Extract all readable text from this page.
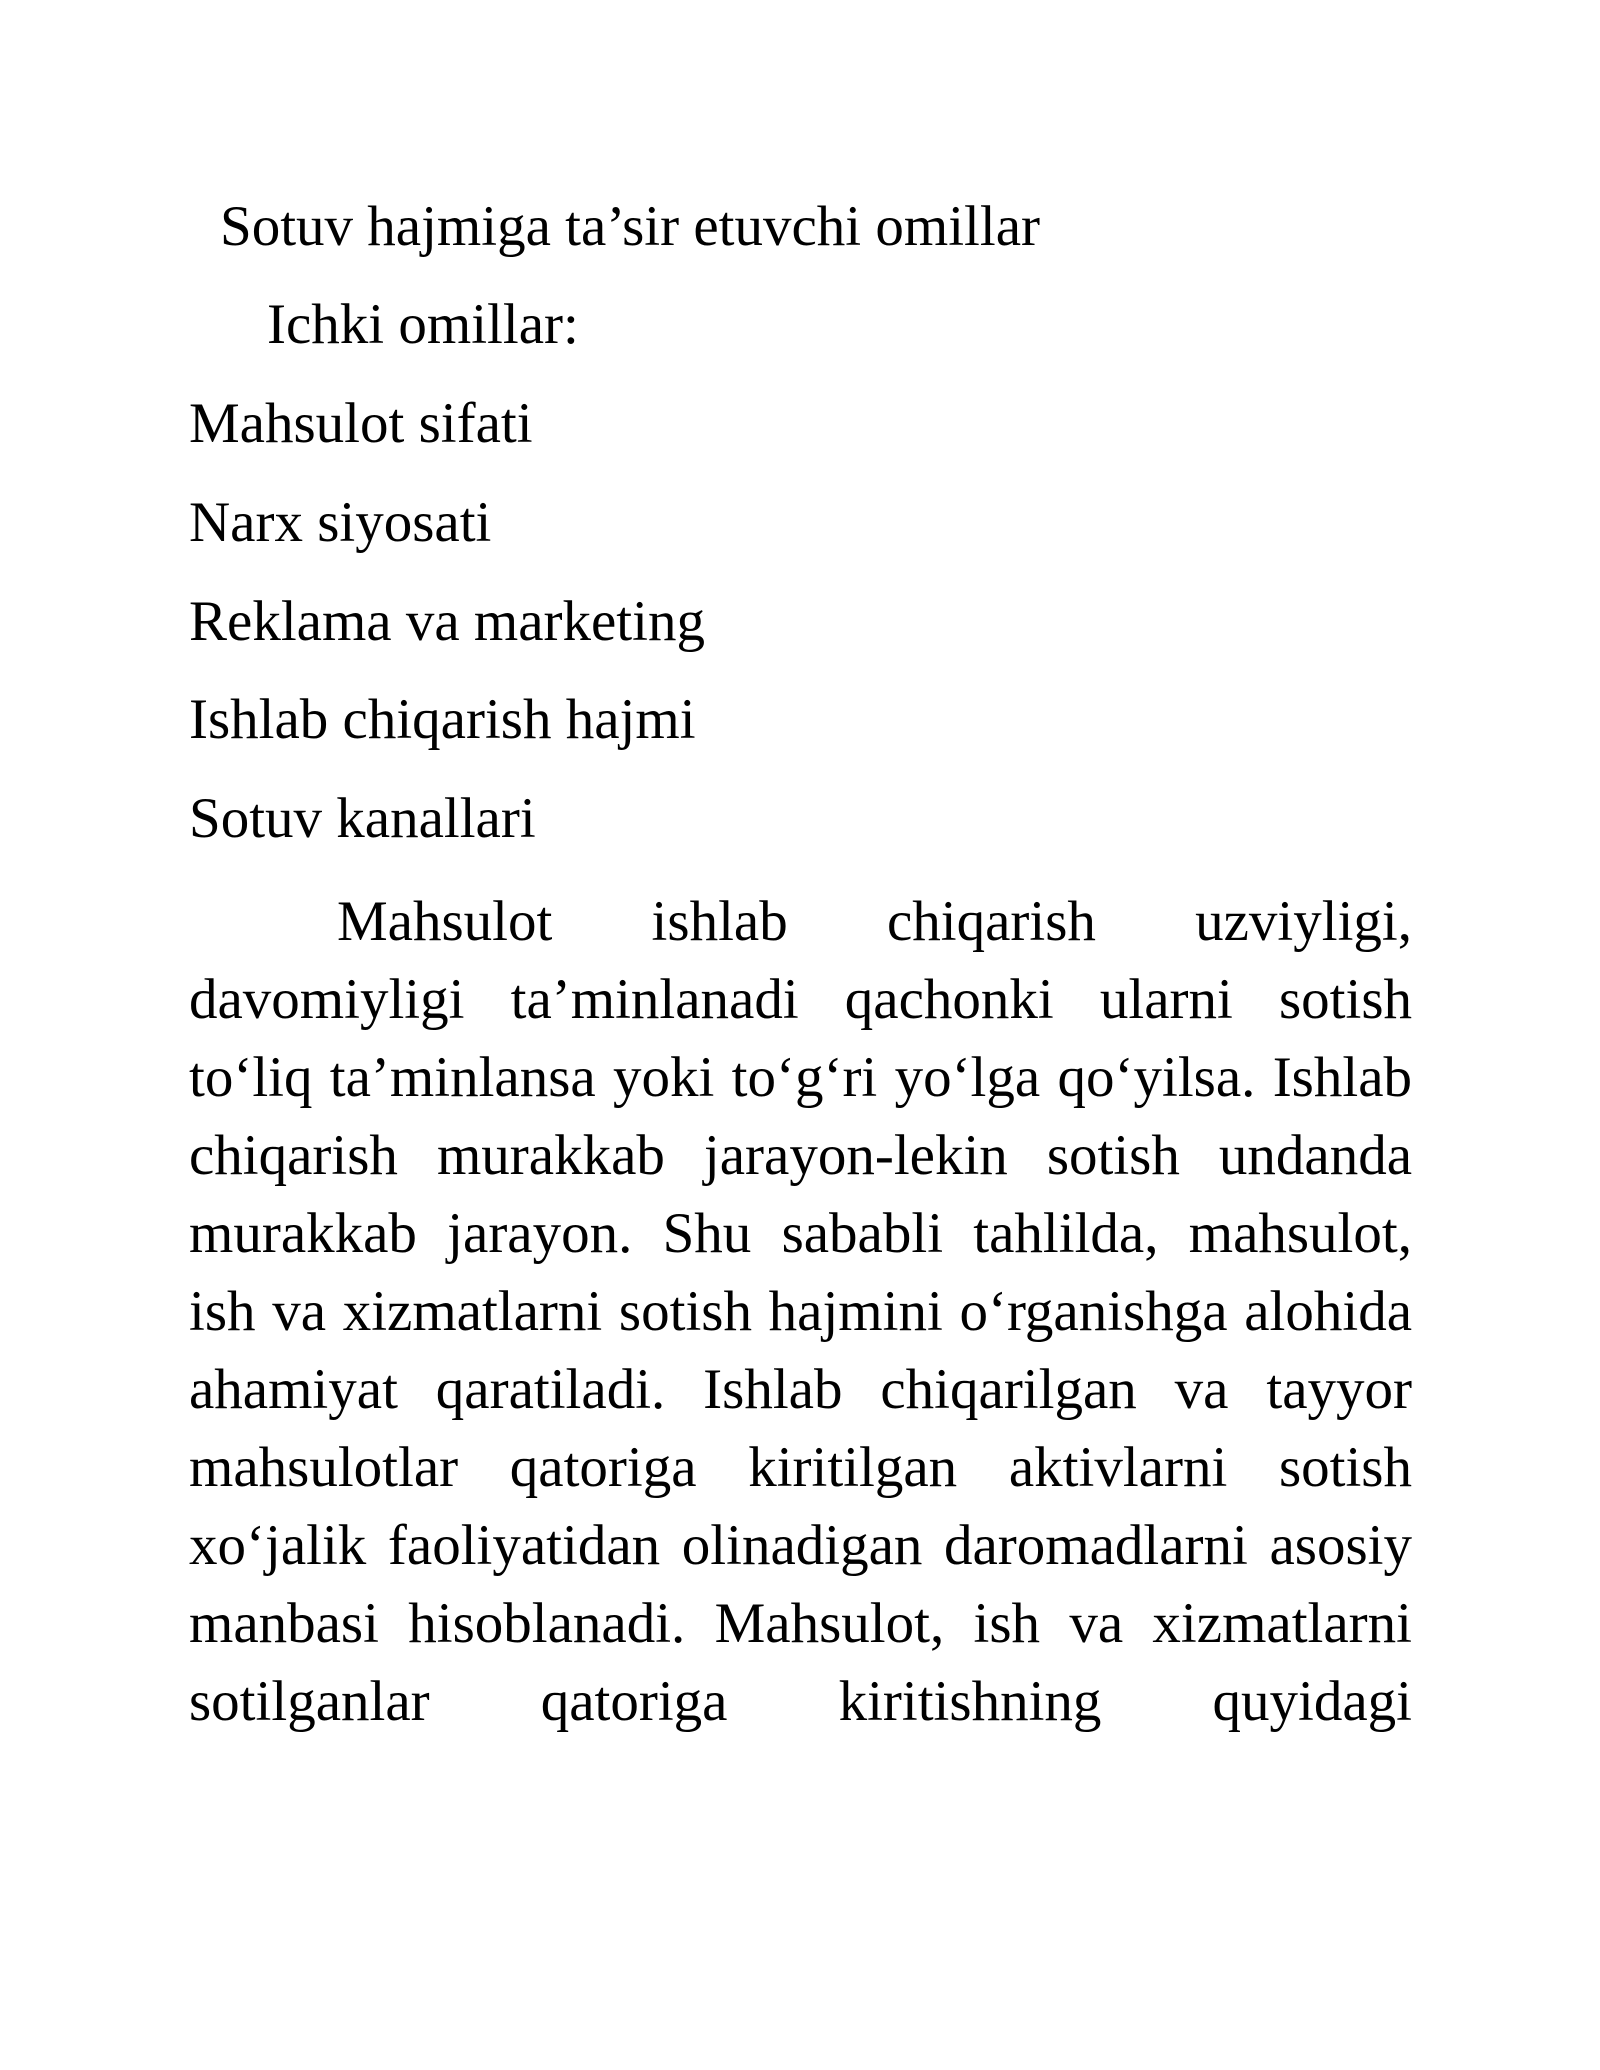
Sotuv hajmiga ta’sir etuvchi omillar

Ichki omillar:

Mahsulot sifati

Narx siyosati

Reklama va marketing

Ishlab chiqarish hajmi

Sotuv kanallari

Mahsulot ishlab chiqarish uzviyligi, davomiyligi ta’minlanadi qachonki ularni sotish to‘liq ta’minlansa yoki to‘g‘ri yo‘lga qo‘yilsa. Ishlab chiqarish murakkab jarayon-lekin sotish undanda murakkab jarayon. Shu sababli tahlilda, mahsulot, ish va xizmatlarni sotish hajmini o‘rganishga alohida ahamiyat qaratiladi. Ishlab chiqarilgan va tayyor mahsulotlar qatoriga kiritilgan aktivlarni sotish xo‘jalik faoliyatidan olinadigan daromadlarni asosiy manbasi hisoblanadi. Mahsulot, ish va xizmatlarni sotilganlar qatoriga kiritishning quyidagi
